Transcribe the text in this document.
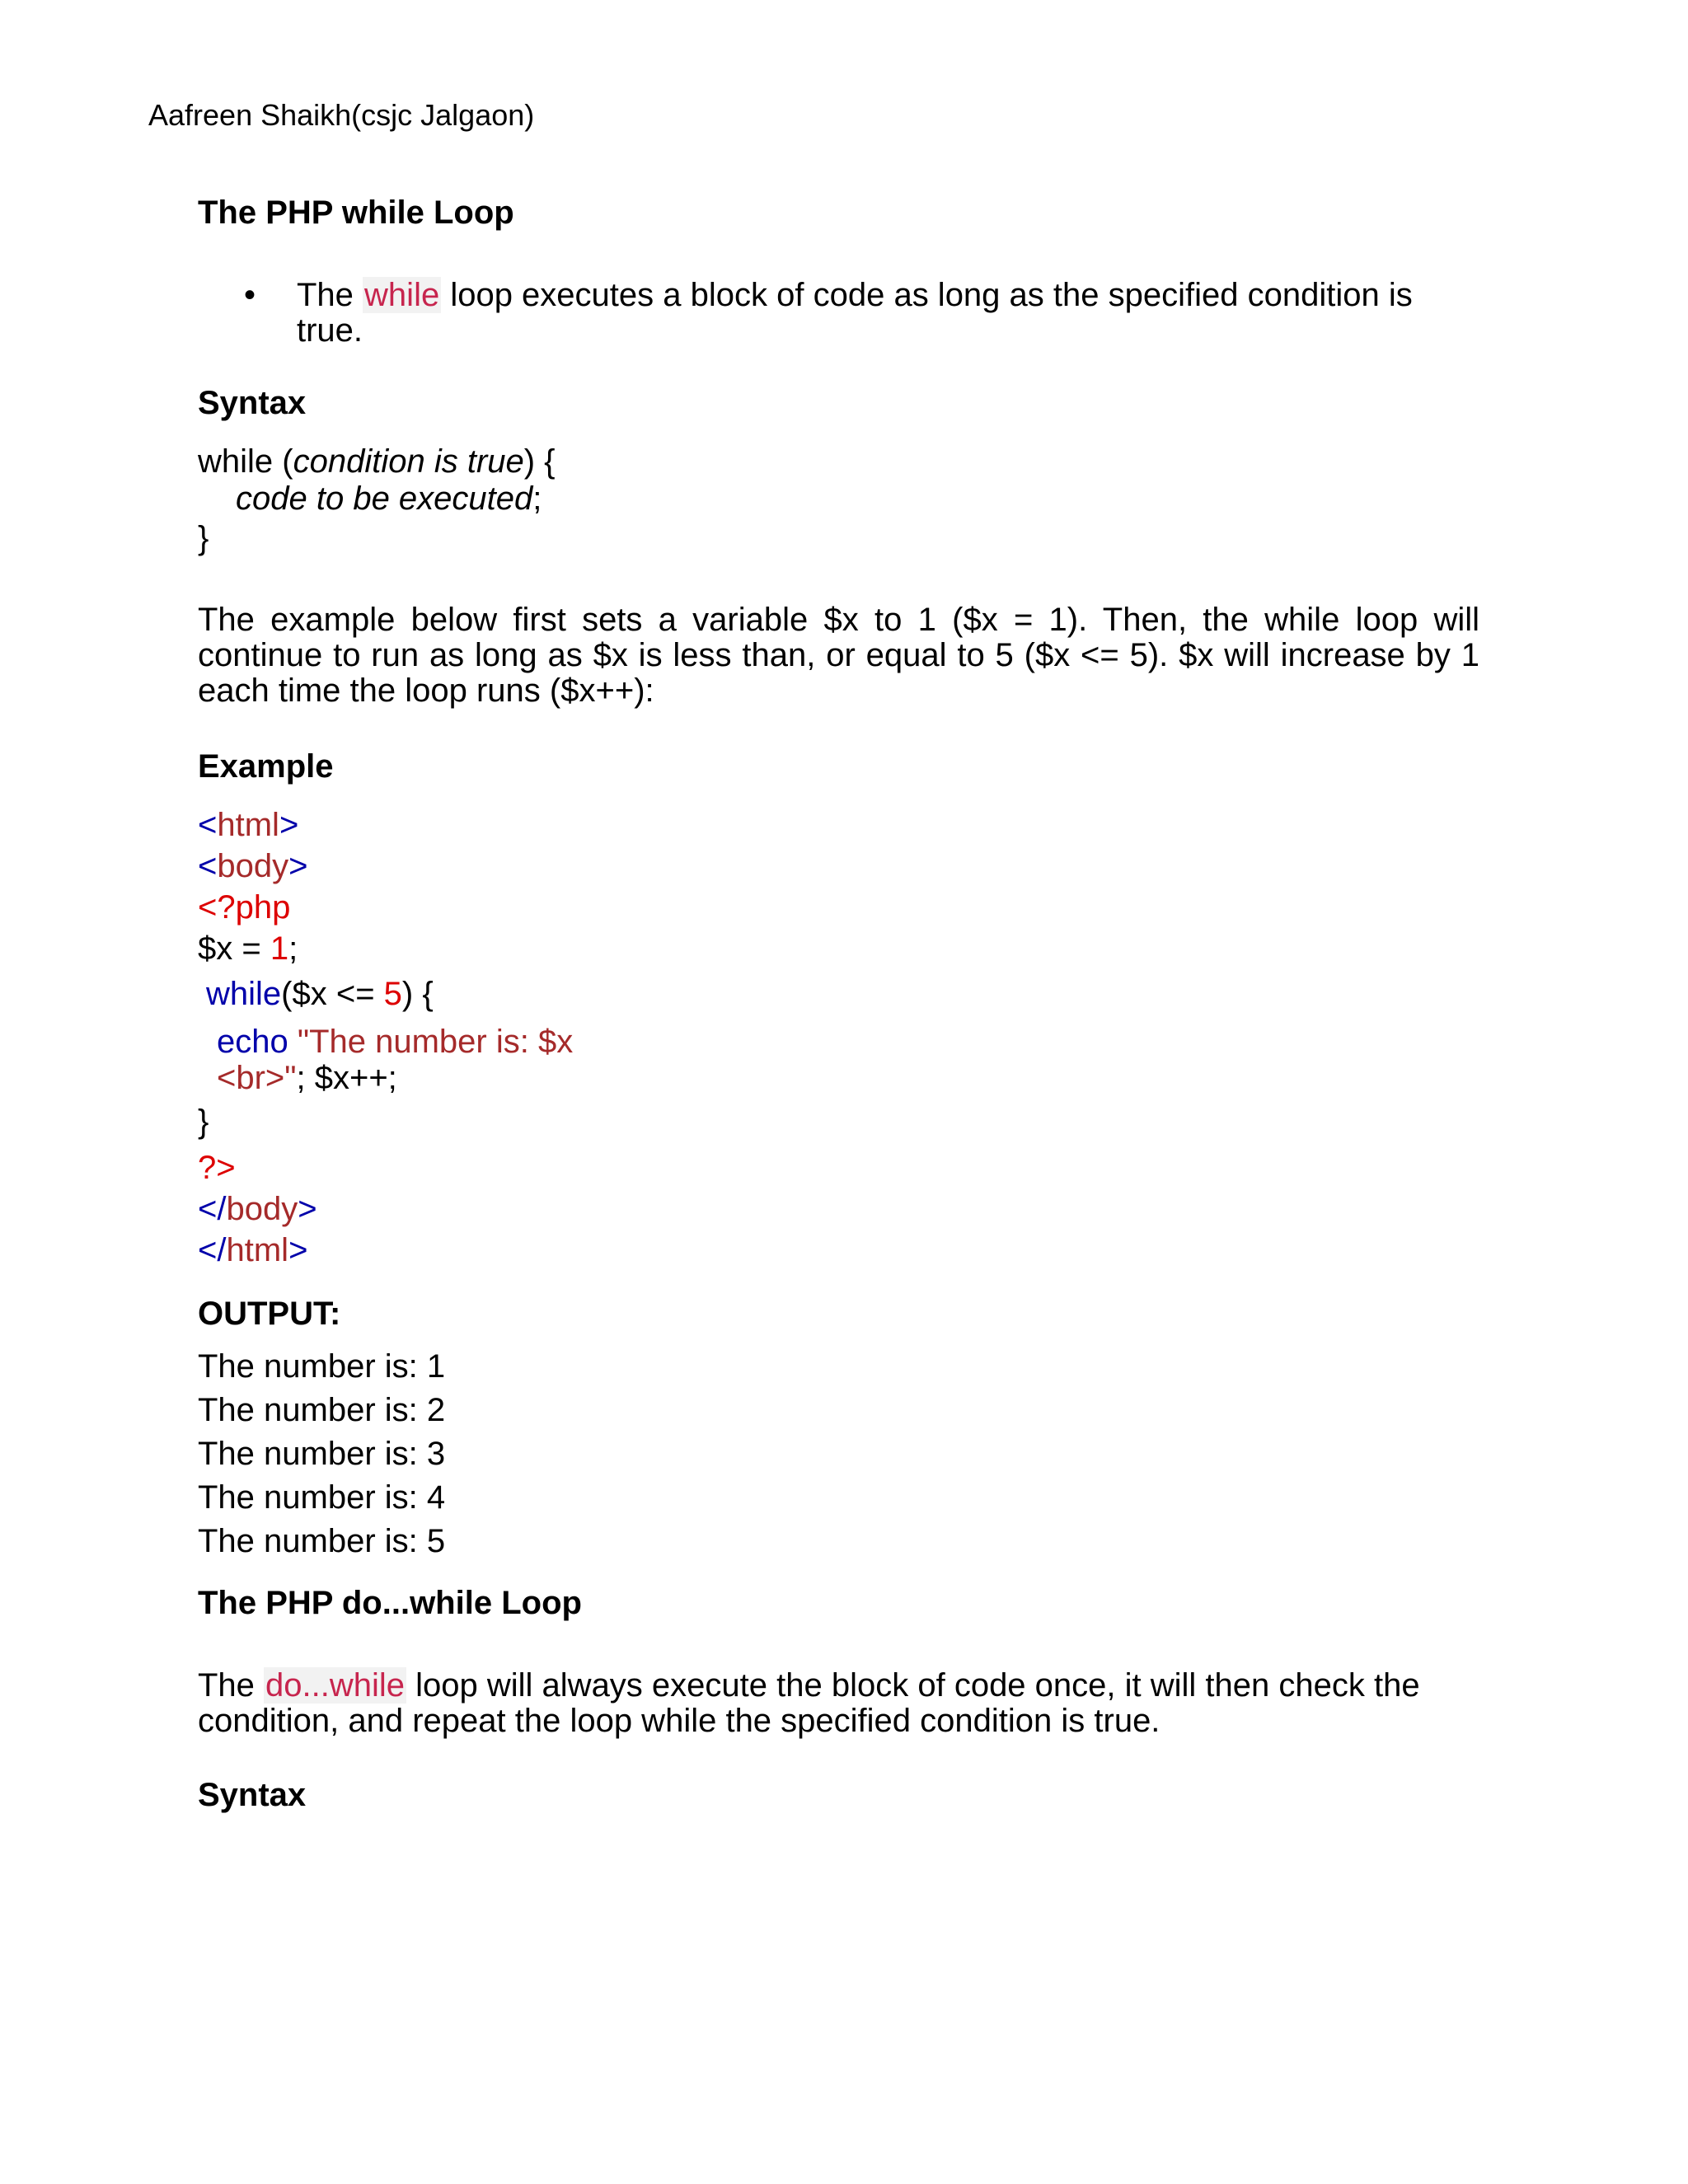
Aafreen Shaikh(csjc Jalgaon)

The PHP while Loop

• The while loop executes a block of code as long as the specified condition is true.

Syntax

while (condition is true) {

code to be executed;

}

The example below first sets a variable $x to 1 ($x = 1). Then, the while loop will continue to run as long as $x is less than, or equal to 5 ($x <= 5). $x will increase by 1 each time the loop runs ($x++):

Example

<html>

<body>

<?php

$x = 1;

while($x <= 5) {

echo "The number is: $x

<br>"; $x++;

}

?>

</body>

</html>

OUTPUT:

The number is: 1

The number is: 2

The number is: 3

The number is: 4

The number is: 5

The PHP do...while Loop

The do...while loop will always execute the block of code once, it will then check the condition, and repeat the loop while the specified condition is true.

Syntax
